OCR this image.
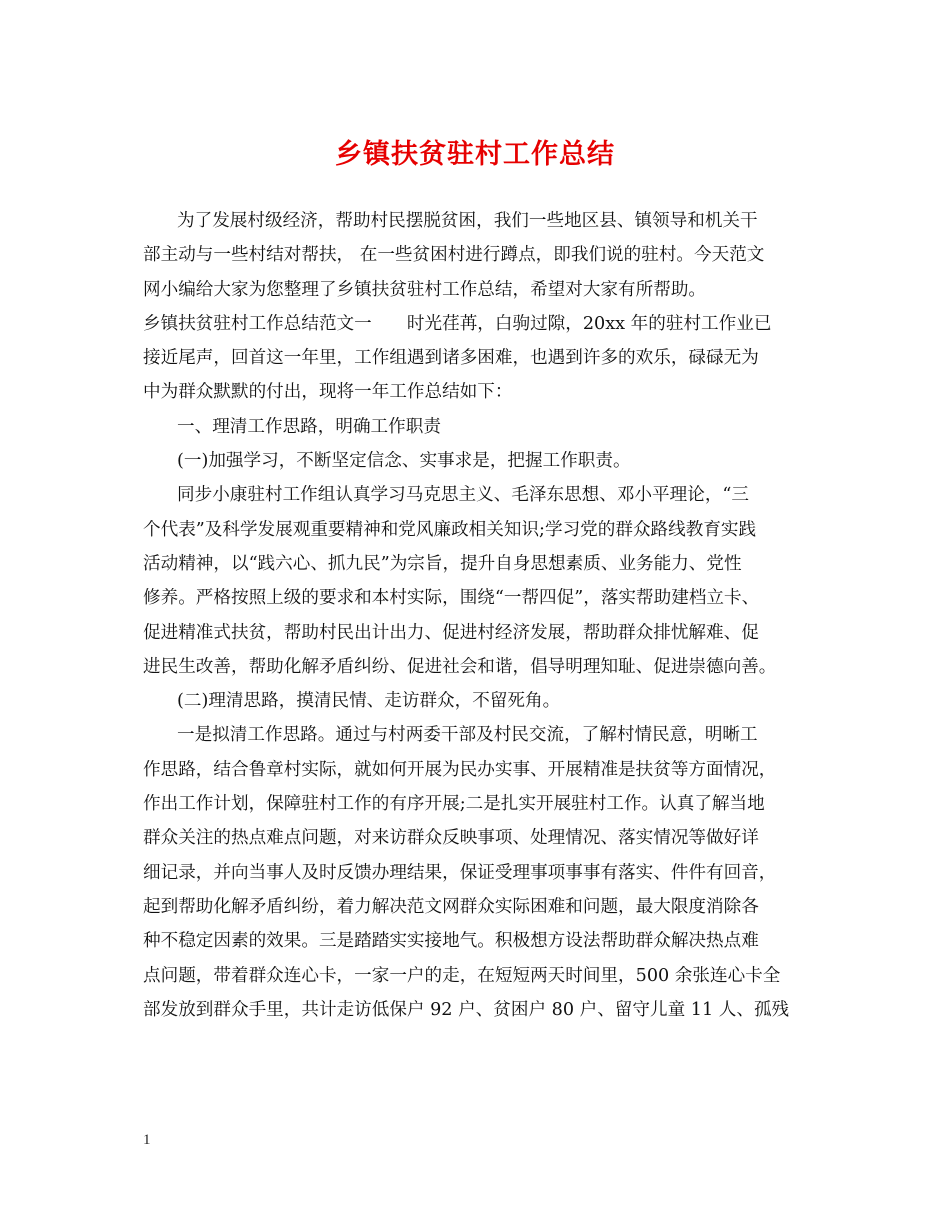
乡镇扶贫驻村工作总结
为了发展村级经济，帮助村民摆脱贫困，我们一些地区县、镇领导和机关干
部主动与一些村结对帮扶， 在一些贫困村进行蹲点，即我们说的驻村。今天范文
网小编给大家为您整理了乡镇扶贫驻村工作总结，希望对大家有所帮助。
乡镇扶贫驻村工作总结范文一　　时光荏苒，白驹过隙，20xx 年的驻村工作业已
接近尾声，回首这一年里，工作组遇到诸多困难，也遇到许多的欢乐，碌碌无为
中为群众默默的付出，现将一年工作总结如下：
一、理清工作思路，明确工作职责
(一)加强学习，不断坚定信念、实事求是，把握工作职责。
同步小康驻村工作组认真学习马克思主义、毛泽东思想、邓小平理论，“三
个代表”及科学发展观重要精神和党风廉政相关知识;学习党的群众路线教育实践
活动精神，以“践六心、抓九民”为宗旨，提升自身思想素质、业务能力、党性
修养。严格按照上级的要求和本村实际，围绕“一帮四促”，落实帮助建档立卡、
促进精准式扶贫，帮助村民出计出力、促进村经济发展，帮助群众排忧解难、促
进民生改善，帮助化解矛盾纠纷、促进社会和谐，倡导明理知耻、促进崇德向善。
(二)理清思路，摸清民情、走访群众，不留死角。
一是拟清工作思路。通过与村两委干部及村民交流，了解村情民意，明晰工
作思路，结合鲁章村实际，就如何开展为民办实事、开展精准是扶贫等方面情况，
作出工作计划，保障驻村工作的有序开展;二是扎实开展驻村工作。认真了解当地
群众关注的热点难点问题，对来访群众反映事项、处理情况、落实情况等做好详
细记录，并向当事人及时反馈办理结果，保证受理事项事事有落实、件件有回音，
起到帮助化解矛盾纠纷，着力解决范文网群众实际困难和问题，最大限度消除各
种不稳定因素的效果。三是踏踏实实接地气。积极想方设法帮助群众解决热点难
点问题，带着群众连心卡，一家一户的走，在短短两天时间里，500 余张连心卡全
部发放到群众手里，共计走访低保户 92 户、贫困户 80 户、留守儿童 11 人、孤残
1
